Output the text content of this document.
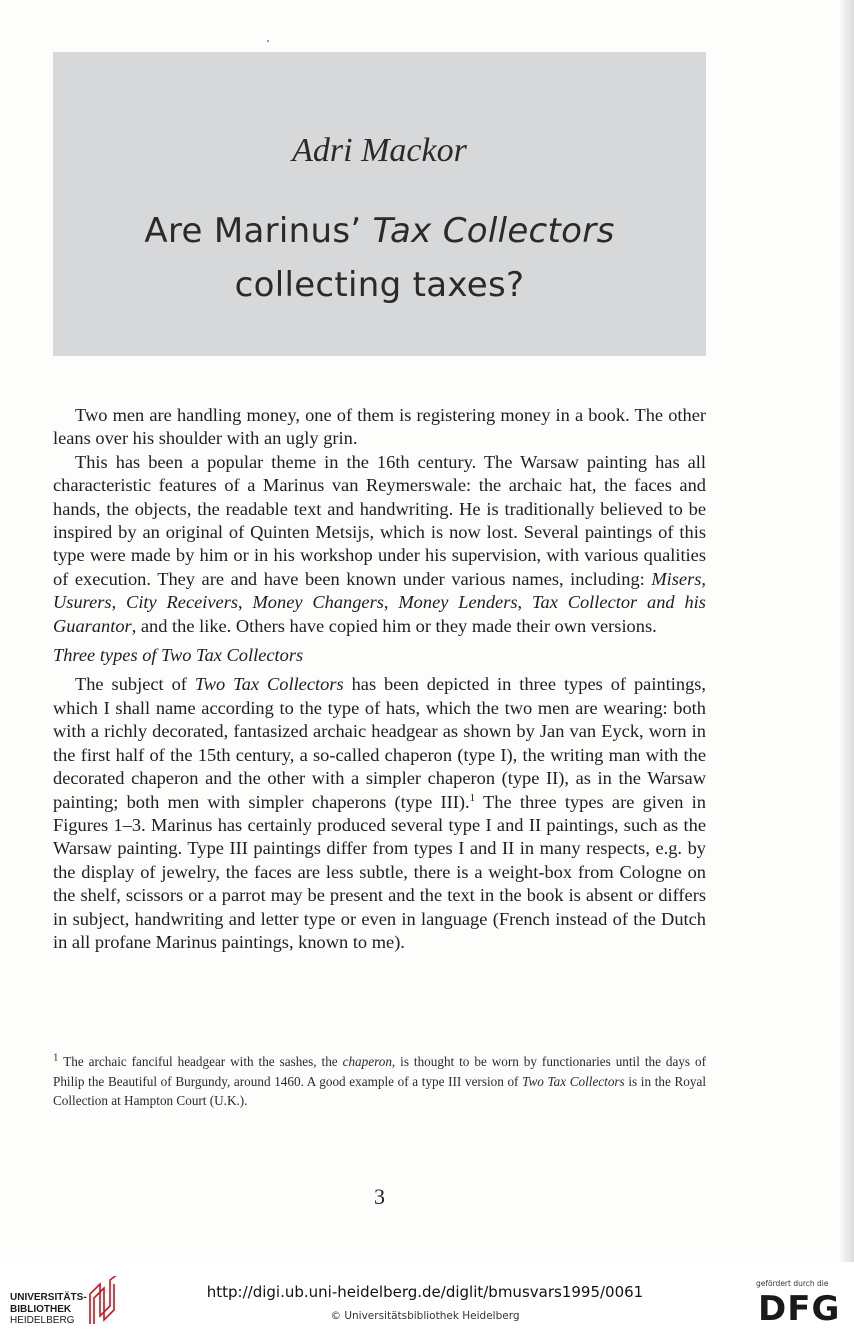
Adri Mackor
Are Marinus’ Tax Collectors
collecting taxes?

Two men are handling money, one of them is registering money in a book. The other leans over his shoulder with an ugly grin.

This has been a popular theme in the 16th century. The Warsaw painting has all characteristic features of a Marinus van Reymerswale: the archaic hat, the faces and hands, the objects, the readable text and handwriting. He is traditionally believed to be inspired by an original of Quinten Metsijs, which is now lost. Several paintings of this type were made by him or in his workshop under his supervision, with various qualities of execution. They are and have been known under various names, including: Misers, Usurers, City Receivers, Money Changers, Money Lenders, Tax Collector and his Guarantor, and the like. Others have copied him or they made their own versions.

Three types of Two Tax Collectors

The subject of Two Tax Collectors has been depicted in three types of paintings, which I shall name according to the type of hats, which the two men are wearing: both with a richly decorated, fantasized archaic headgear as shown by Jan van Eyck, worn in the first half of the 15th century, a so-called chaperon (type I), the writing man with the decorated chaperon and the other with a simpler chaperon (type II), as in the Warsaw painting; both men with simpler chaperons (type III).$^1$ The three types are given in Figures 1–3. Marinus has certainly produced several type I and II paintings, such as the Warsaw painting. Type III paintings differ from types I and II in many respects, e.g. by the display of jewelry, the faces are less subtle, there is a weight-box from Cologne on the shelf, scissors or a parrot may be present and the text in the book is absent or differs in subject, handwriting and letter type or even in language (French instead of the Dutch in all profane Marinus paintings, known to me).

$^1$ The archaic fanciful headgear with the sashes, the chaperon, is thought to be worn by functionaries until the days of Philip the Beautiful of Burgundy, around 1460. A good example of a type III version of Two Tax Collectors is in the Royal Collection at Hampton Court (U.K.).
3
UNIVERSITÄTS-
BIBLIOTHEK
HEIDELBERG
http://digi.ub.uni-heidelberg.de/diglit/bmusvars1995/0061
© Universitätsbibliothek Heidelberg
gefördert durch die
DFG
